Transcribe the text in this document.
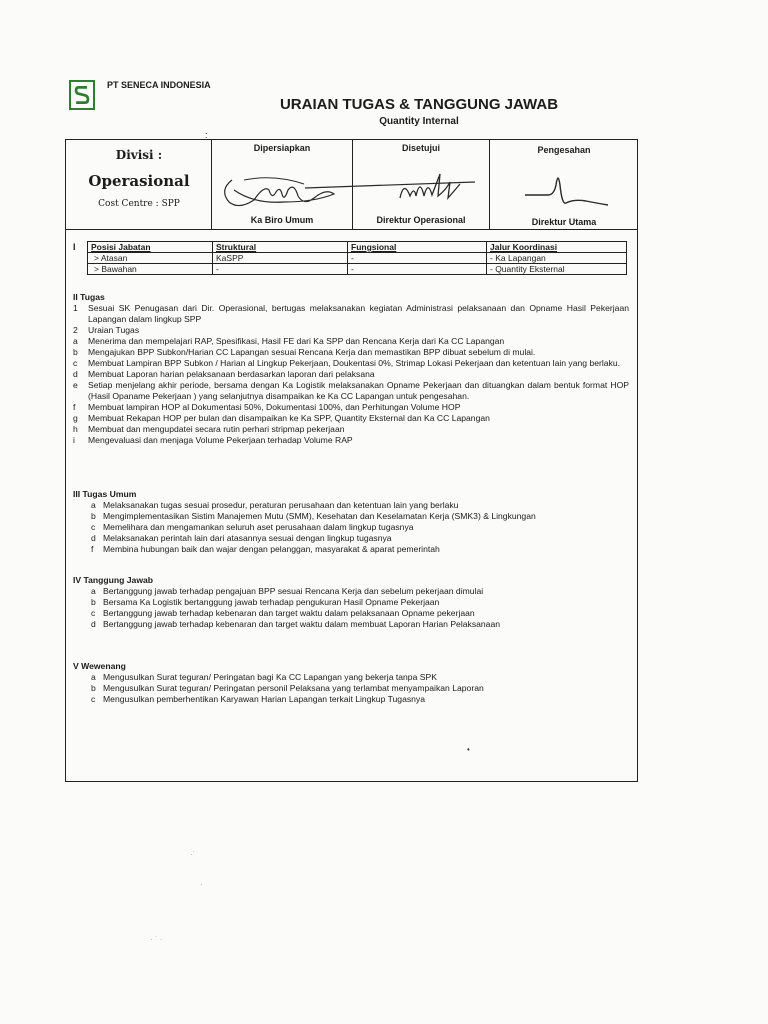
PT SENECA INDONESIA
URAIAN TUGAS & TANGGUNG JAWAB
Quantity Internal
:
Divisi :
Operasional
Cost Centre : SPP
Dipersiapkan	Disetujui	Pengesahan
Ka Biro Umum	Direktur Operasional	Direktur Utama
I Posisi Jabatan	Struktural	Fungsional	Jalur Koordinasi
> Atasan	KaSPP	-	- Ka Lapangan
> Bawahan	-	-	- Quantity Eksternal
II Tugas
1	Sesuai SK Penugasan dari Dir. Operasional, bertugas melaksanakan kegiatan Administrasi pelaksanaan dan Opname Hasil Pekerjaan Lapangan dalam lingkup SPP
2	Uraian Tugas
a	Menerima dan mempelajari RAP, Spesifikasi, Hasil FE dari Ka SPP dan Rencana Kerja dari Ka CC Lapangan
b	Mengajukan BPP Subkon/Harian CC Lapangan sesuai Rencana Kerja dan memastikan BPP dibuat sebelum di mulai.
c	Membuat Lampiran BPP Subkon / Harian al Lingkup Pekerjaan, Doukentasi 0%, Strimap Lokasi Pekerjaan dan ketentuan lain yang berlaku.
d	Membuat Laporan harian pelaksanaan berdasarkan laporan dari pelaksana
e	Setiap menjelang akhir periode, bersama dengan Ka Logistik melaksanakan Opname Pekerjaan dan dituangkan dalam bentuk format HOP (Hasil Opaname Pekerjaan ) yang selanjutnya disampaikan ke Ka CC Lapangan untuk pengesahan.
f	Membuat lampiran HOP al Dokumentasi 50%, Dokumentasi 100%, dan Perhitungan Volume HOP
g	Membuat Rekapan HOP per bulan dan disampaikan ke Ka SPP, Quantity Eksternal dan Ka CC Lapangan
h	Membuat dan mengupdatei secara rutin perhari stripmap pekerjaan
i	Mengevaluasi dan menjaga Volume Pekerjaan terhadap Volume RAP
III Tugas Umum
a Melaksanakan tugas sesuai prosedur, peraturan perusahaan dan ketentuan lain yang berlaku
b Mengimplementasikan Sistim Manajemen Mutu (SMM), Kesehatan dan Keselamatan Kerja (SMK3) & Lingkungan
c Memelihara dan mengamankan seluruh aset perusahaan dalam lingkup tugasnya
d Melaksanakan perintah lain dari atasannya sesuai dengan lingkup tugasnya
f	Membina hubungan baik dan wajar dengan pelanggan, masyarakat & aparat pemerintah
IV Tanggung Jawab
a Bertanggung jawab terhadap pengajuan BPP sesuai Rencana Kerja dan sebelum pekerjaan dimulai
b Bersama Ka Logistik bertanggung jawab terhadap pengukuran Hasil Opname Pekerjaan
c Bertanggung jawab terhadap kebenaran dan target waktu dalam pelaksanaan Opname pekerjaan
d Bertanggung jawab terhadap kebenaran dan target waktu dalam membuat Laporan Harian Pelaksanaan
V Wewenang
a Mengusulkan Surat teguran/ Peringatan bagi Ka CC Lapangan yang bekerja tanpa SPK
b Mengusulkan Surat teguran/ Peringatan personil Pelaksana yang terlambat menyampaikan Laporan
c Mengusulkan pemberhentikan Karyawan Harian Lapangan terkait Lingkup Tugasnya
•
·˙
·
· ˙ ·
